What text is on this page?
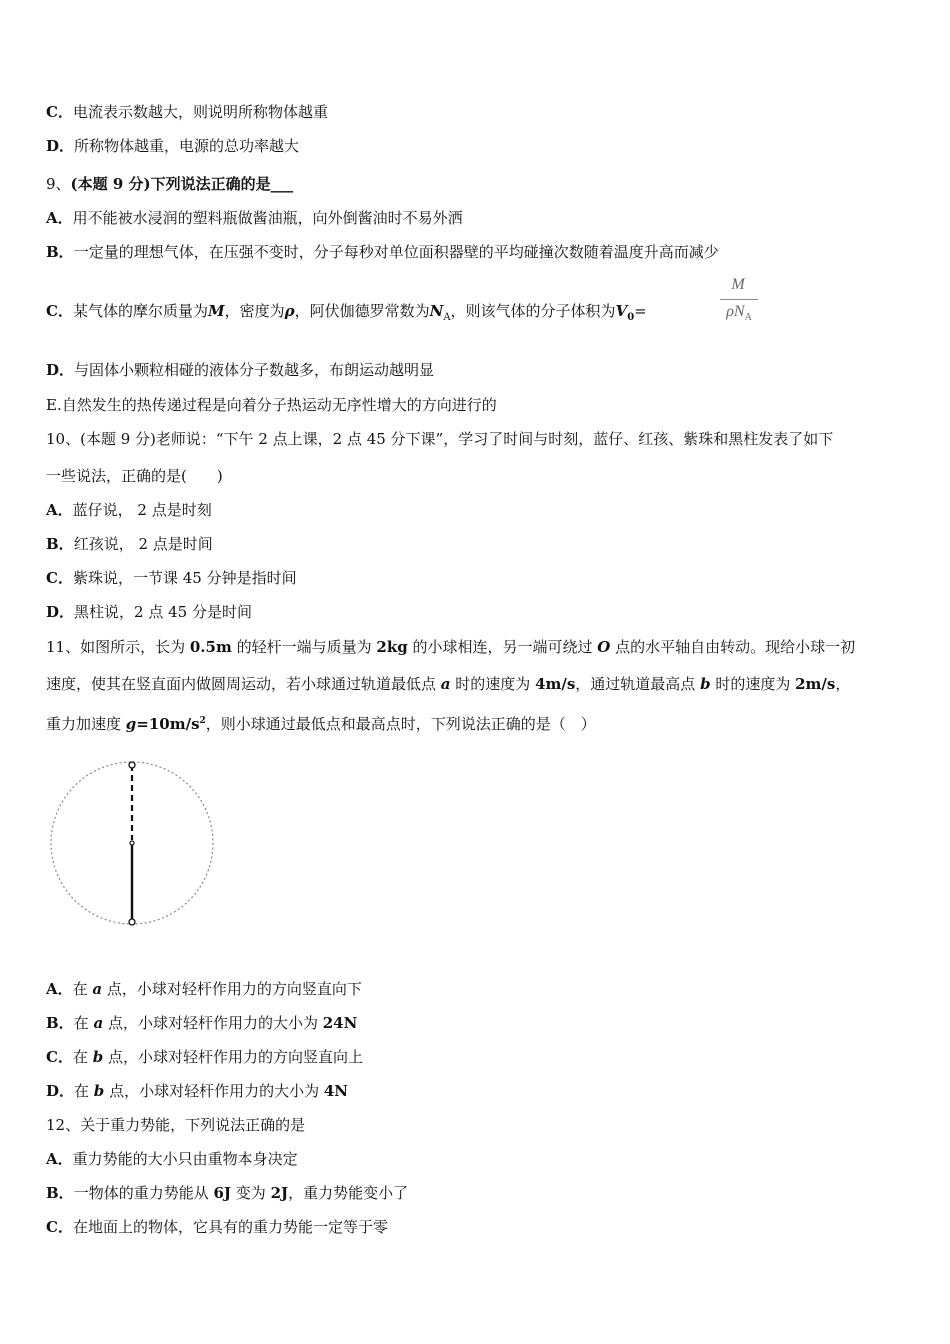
C．电流表示数越大，则说明所称物体越重
D．所称物体越重，电源的总功率越大
9、(本题 9 分)下列说法正确的是___
A．用不能被水浸润的塑料瓶做酱油瓶，向外倒酱油时不易外洒
B．一定量的理想气体，在压强不变时，分子每秒对单位面积器壁的平均碰撞次数随着温度升高而减少
C．某气体的摩尔质量为M，密度为ρ，阿伏伽德罗常数为$N_A$，则该气体的分子体积为$V_0=$
M
$\rho N_A$
D．与固体小颗粒相碰的液体分子数越多，布朗运动越明显
E.自然发生的热传递过程是向着分子热运动无序性增大的方向进行的
10、(本题 9 分)老师说：“下午 2 点上课，2 点 45 分下课”，学习了时间与时刻，蓝仔、红孩、紫珠和黑柱发表了如下
一些说法，正确的是(　　)
A．蓝仔说， 2 点是时刻
B．红孩说， 2 点是时间
C．紫珠说，一节课 45 分钟是指时间
D．黑柱说，2 点 45 分是时间
11、如图所示，长为 0.5m 的轻杆一端与质量为 2kg 的小球相连，另一端可绕过 O 点的水平轴自由转动。现给小球一初
速度，使其在竖直面内做圆周运动，若小球通过轨道最低点 a 时的速度为 4m/s，通过轨道最高点 b 时的速度为 2m/s，
重力加速度 $g=10m/s^2$，则小球通过最低点和最高点时，下列说法正确的是（　）
A．在 a 点，小球对轻杆作用力的方向竖直向下
B．在 a 点，小球对轻杆作用力的大小为 24N
C．在 b 点，小球对轻杆作用力的方向竖直向上
D．在 b 点，小球对轻杆作用力的大小为 4N
12、关于重力势能，下列说法正确的是
A．重力势能的大小只由重物本身决定
B．一物体的重力势能从 6J 变为 2J，重力势能变小了
C．在地面上的物体，它具有的重力势能一定等于零
